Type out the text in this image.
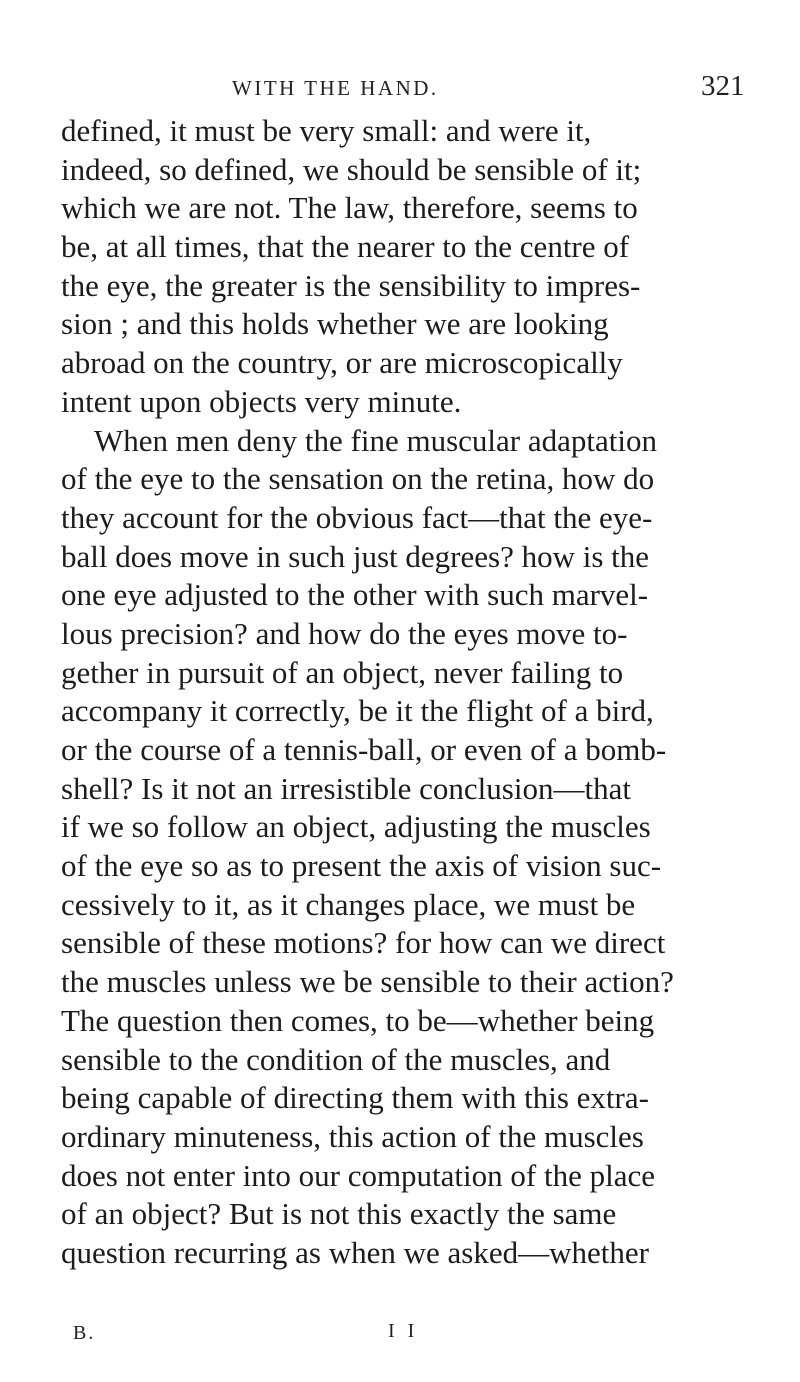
WITH THE HAND.	321
defined, it must be very small: and were it,
indeed, so defined, we should be sensible of it;
which we are not. The law, therefore, seems to
be, at all times, that the nearer to the centre of
the eye, the greater is the sensibility to impres-
sion ; and this holds whether we are looking
abroad on the country, or are microscopically
intent upon objects very minute.
When men deny the fine muscular adaptation
of the eye to the sensation on the retina, how do
they account for the obvious fact—that the eye-
ball does move in such just degrees? how is the
one eye adjusted to the other with such marvel-
lous precision? and how do the eyes move to-
gether in pursuit of an object, never failing to
accompany it correctly, be it the flight of a bird,
or the course of a tennis-ball, or even of a bomb-
shell? Is it not an irresistible conclusion—that
if we so follow an object, adjusting the muscles
of the eye so as to present the axis of vision suc-
cessively to it, as it changes place, we must be
sensible of these motions? for how can we direct
the muscles unless we be sensible to their action?
The question then comes, to be—whether being
sensible to the condition of the muscles, and
being capable of directing them with this extra-
ordinary minuteness, this action of the muscles
does not enter into our computation of the place
of an object? But is not this exactly the same
question recurring as when we asked—whether
B.	I I
